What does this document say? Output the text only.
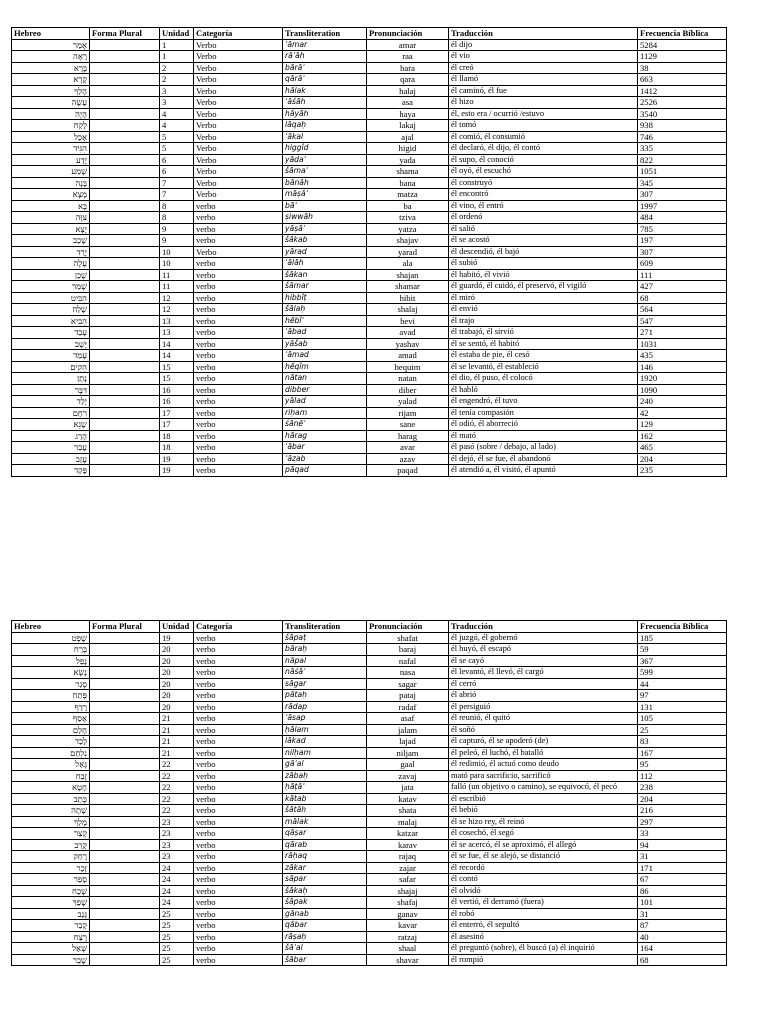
Hebreo	Forma Plural	Unidad	Categoría	Transliteration	Pronunciación	Traducción	Frecuencia Bíblica
אָמַר		1	Verbo	ʾāmar	amar	él dijo	5284
רָאָה		1	Verbo	rāʾāh	raa	él vio	1129
בָּרָא		2	Verbo	bārāʾ	bara	él creó	38
קָרָא		2	Verbo	qārāʾ	qara	él llamó	663
הָלַךְ		3	Verbo	hālak	halaj	él caminó, él fue	1412
עָשָׂה		3	Verbo	ʿāśāh	asa	él hizo	2526
הָיָה		4	Verbo	hāyāh	haya	él, esto era / ocurrió /estuvo	3540
לָקַח		4	Verbo	lāqaḥ	lakaj	él tomó	938
אָכַל		5	Verbo	ʾākal	ajal	él comió, él consumió	746
הִגִּיד		5	Verbo	higgîd	higid	él declaró, él dijo, él contó	335
יָדַע		6	Verbo	yādaʿ	yada	él supo, él conoció	822
שָׁמַע		6	Verbo	šāmaʿ	shama	él oyó, él escuchó	1051
בָּנָה		7	Verbo	bānāh	bana	él construyó	345
מָצָא		7	Verbo	māṣāʾ	matza	él encontró	307
בָּא		8	verbo	bāʾ	ba	él vino, él entró	1997
צִוָּה		8	verbo	ṣiwwāh	tziva	él ordenó	484
יָצָא		9	verbo	yāṣāʾ	yatza	él salió	785
שָׁכַב		9	verbo	šākab	shajav	él se acostó	197
יָרַד		10	Verbo	yārad	yarad	él descendió, él bajó	307
עָלָה		10	verbo	ʿālāh	ala	él subió	609
שָׁכַן		11	verbo	šākan	shajan	él habitó, él vivió	111
שָׁמַר		11	verbo	šāmar	shamar	él guardó, él cuidó, él preservó, él vigiló	427
הִבִּיט		12	verbo	hibbîṭ	hibit	él miró	68
שָׁלַח		12	verbo	šālaḥ	shalaj	él envió	564
הֵבִיא		13	verbo	hēbîʾ	hevi	él trajo	547
עָבַד		13	verbo	ʿābad	avad	él trabajó, él sirvió	271
יָשַׁב		14	verbo	yāšab	yashav	él se sentó, él habitó	1031
עָמַד		14	verbo	ʿāmad	amad	él estaba de pie, él cesó	435
הֵקִים		15	verbo	hēqîm	hequim	él se levantó, él estableció	146
נָתַן		15	verbo	nātan	natan	él dio, él puso, él colocó	1920
דִּבֶּר		16	verbo	dibber	diber	él habló	1090
יָלַד		16	verbo	yālad	yalad	él engendró, él tuvo	240
רִחַם		17	verbo	riḥam	rijam	él tenía compasión	42
שָׂנֵא		17	verbo	śānēʾ	sane	él odió, él aborreció	129
הָרַג		18	verbo	hārag	harag	él mató	162
עָבַר		18	verbo	ʿābar	avar	él pasó (sobre / debajo, al lado)	465
עָזַב		19	verbo	ʿāzab	azav	él dejó, él se fue, él abandonó	204
פָּקַד		19	verbo	pāqad	paqad	él atendió a, él visitó, él apuntó	235
Hebreo	Forma Plural	Unidad	Categoría	Transliteration	Pronunciación	Traducción	Frecuencia Bíblica
שָׁפַט		19	verbo	šāpaṭ	shafat	él juzgó, él gobernó	185
בָּרַח		20	verbo	bāraḥ	baraj	él huyó, él escapó	59
נָפַל		20	verbo	nāpal	nafal	él se cayó	367
נָשָׂא		20	verbo	nāśāʾ	nasa	él levantó, él llevó, él cargó	599
סָגַר		20	verbo	sāgar	sagar	él cerró	44
פָּתַח		20	verbo	pātaḥ	pataj	él abrió	97
רָדַף		20	verbo	rādap	radaf	él persiguió	131
אָסַף		21	verbo	ʾāsap	asaf	él reunió, él quitó	105
חָלַם		21	verbo	ḥālam	jalam	él soñó	25
לָכַד		21	verbo	lākad	lajad	él capturó, él se apoderó (de)	83
נִלְחַם		21	verbo	nilḥam	niljam	él peleó, él luchó, él batalló	167
גָּאַל		22	verbo	gāʾal	gaal	él redimió, él actuó como deudo	95
זָבַח		22	verbo	zābaḥ	zavaj	mató para sacrificio, sacrificó	112
חָטָא		22	verbo	ḥāṭāʾ	jata	falló (un objetivo o camino), se equivocó, él pecó	238
כָּתַב		22	verbo	kātab	katav	él escribió	204
שָׁתָה		22	verbo	šātāh	shata	él bebió	216
מָלַךְ		23	verbo	mālak	malaj	él se hizo rey, él reinó	297
קָצַר		23	verbo	qāṣar	katzar	él cosechó, él segó	33
קָרַב		23	verbo	qārab	karav	él se acercó, él se aproximó, él allegó	94
רָחַק		23	verbo	rāḥaq	rajaq	él se fue, él se alejó, se distanció	31
זָכַר		24	verbo	zākar	zajar	él recordó	171
סָפַר		24	verbo	sāpar	safar	él contó	67
שָׁכַח		24	verbo	šākaḥ	shajaj	él olvidó	86
שָׁפַךְ		24	verbo	šāpak	shafaj	él vertió, él derramó (fuera)	101
גָּנַב		25	verbo	gānab	ganav	él robó	31
קָבַר		25	verbo	qābar	kavar	él enterró, él sepultó	87
רָצַח		25	verbo	rāṣaḥ	ratzaj	él asesinó	40
שָׁאַל		25	verbo	šāʾal	shaal	él preguntó (sobre), él buscó (a) él inquirió	164
שָׁבַר		25	verbo	šābar	shavar	él rompió	68
